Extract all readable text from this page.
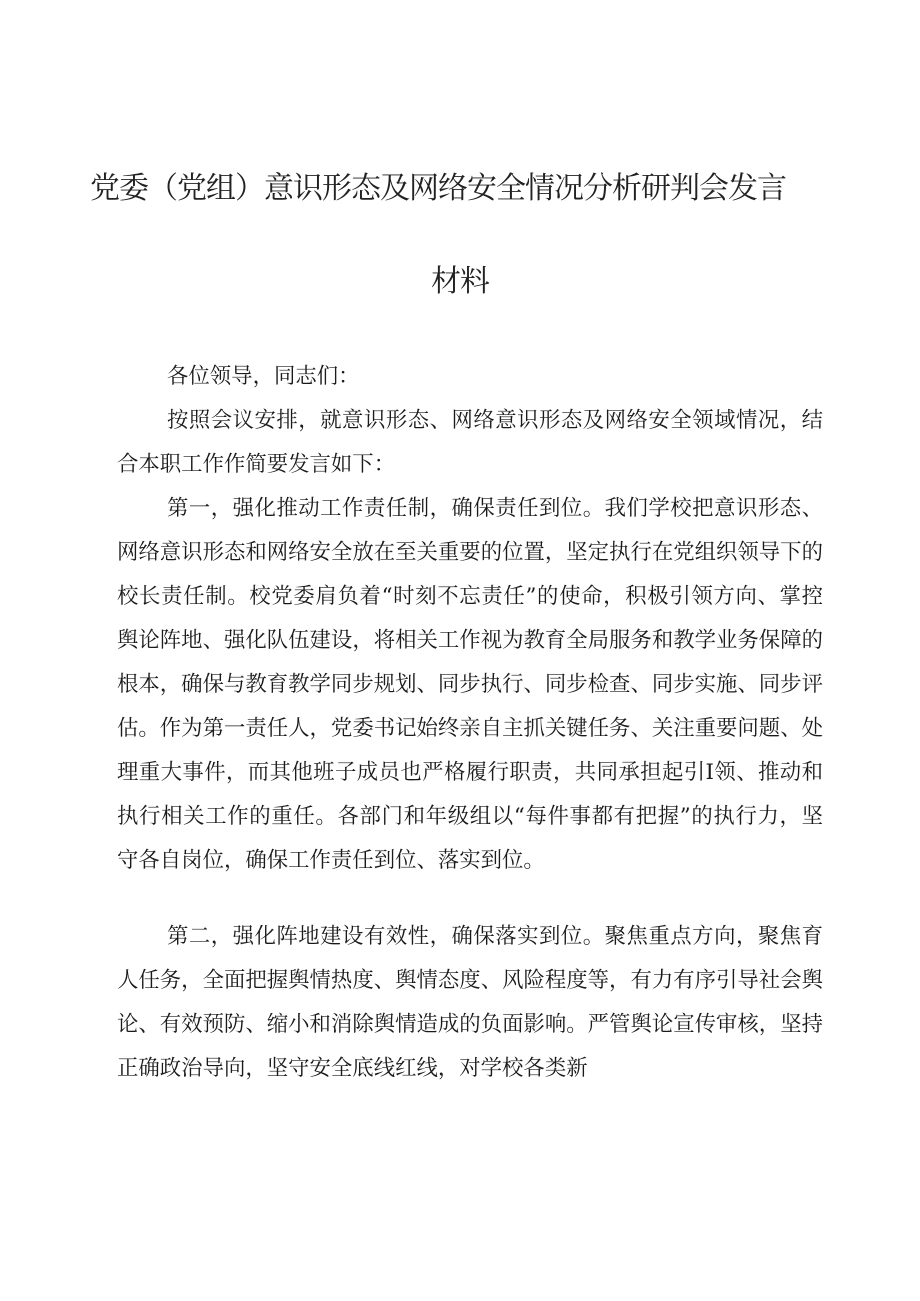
党委（党组）意识形态及网络安全情况分析研判会发言
材料

各位领导，同志们：

按照会议安排，就意识形态、网络意识形态及网络安全领域情况，结合本职工作作简要发言如下：

第一，强化推动工作责任制，确保责任到位。我们学校把意识形态、网络意识形态和网络安全放在至关重要的位置，坚定执行在党组织领导下的校长责任制。校党委肩负着“时刻不忘责任”的使命，积极引领方向、掌控舆论阵地、强化队伍建设，将相关工作视为教育全局服务和教学业务保障的根本，确保与教育教学同步规划、同步执行、同步检查、同步实施、同步评估。作为第一责任人，党委书记始终亲自主抓关键任务、关注重要问题、处理重大事件，而其他班子成员也严格履行职责，共同承担起引I领、推动和执行相关工作的重任。各部门和年级组以“每件事都有把握”的执行力，坚守各自岗位，确保工作责任到位、落实到位。

第二，强化阵地建设有效性，确保落实到位。聚焦重点方向，聚焦育人任务，全面把握舆情热度、舆情态度、风险程度等，有力有序引导社会舆论、有效预防、缩小和消除舆情造成的负面影响。严管舆论宣传审核，坚持正确政治导向，坚守安全底线红线，对学校各类新
